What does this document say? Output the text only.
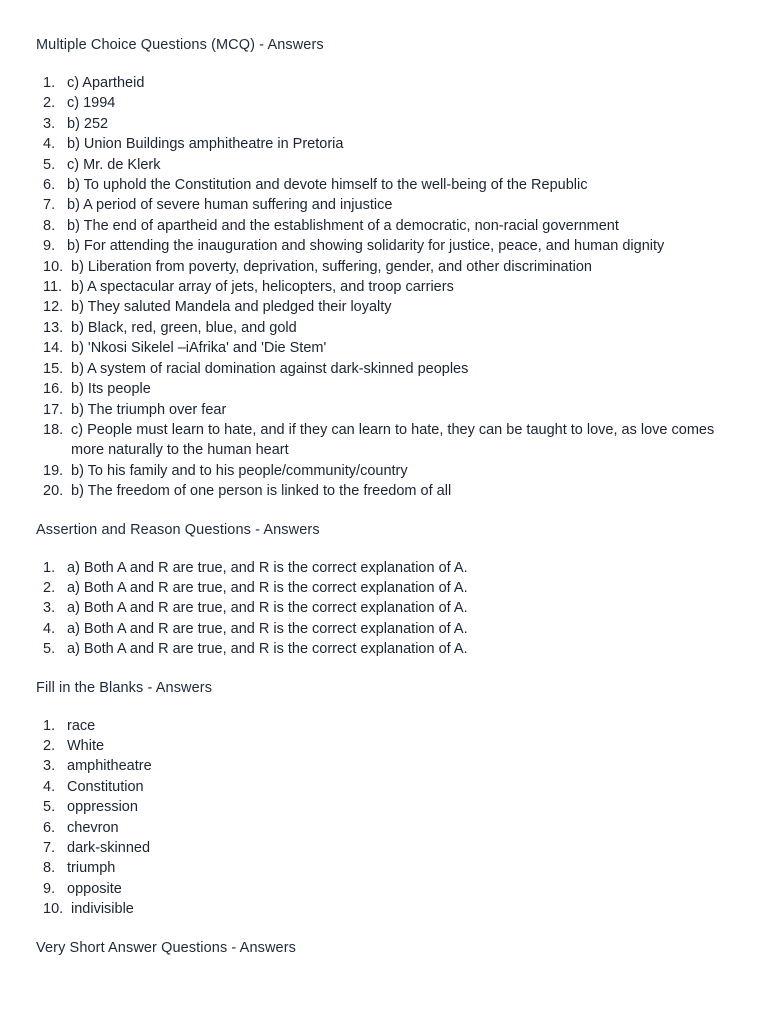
Multiple Choice Questions (MCQ) - Answers
1. c) Apartheid
2. c) 1994
3. b) 252
4. b) Union Buildings amphitheatre in Pretoria
5. c) Mr. de Klerk
6. b) To uphold the Constitution and devote himself to the well-being of the Republic
7. b) A period of severe human suffering and injustice
8. b) The end of apartheid and the establishment of a democratic, non-racial government
9. b) For attending the inauguration and showing solidarity for justice, peace, and human dignity
10. b) Liberation from poverty, deprivation, suffering, gender, and other discrimination
11. b) A spectacular array of jets, helicopters, and troop carriers
12. b) They saluted Mandela and pledged their loyalty
13. b) Black, red, green, blue, and gold
14. b) 'Nkosi Sikelel –iAfrika' and 'Die Stem'
15. b) A system of racial domination against dark-skinned peoples
16. b) Its people
17. b) The triumph over fear
18. c) People must learn to hate, and if they can learn to hate, they can be taught to love, as love comes more naturally to the human heart
19. b) To his family and to his people/community/country
20. b) The freedom of one person is linked to the freedom of all
Assertion and Reason Questions - Answers
1. a) Both A and R are true, and R is the correct explanation of A.
2. a) Both A and R are true, and R is the correct explanation of A.
3. a) Both A and R are true, and R is the correct explanation of A.
4. a) Both A and R are true, and R is the correct explanation of A.
5. a) Both A and R are true, and R is the correct explanation of A.
Fill in the Blanks - Answers
1. race
2. White
3. amphitheatre
4. Constitution
5. oppression
6. chevron
7. dark-skinned
8. triumph
9. opposite
10. indivisible
Very Short Answer Questions - Answers
